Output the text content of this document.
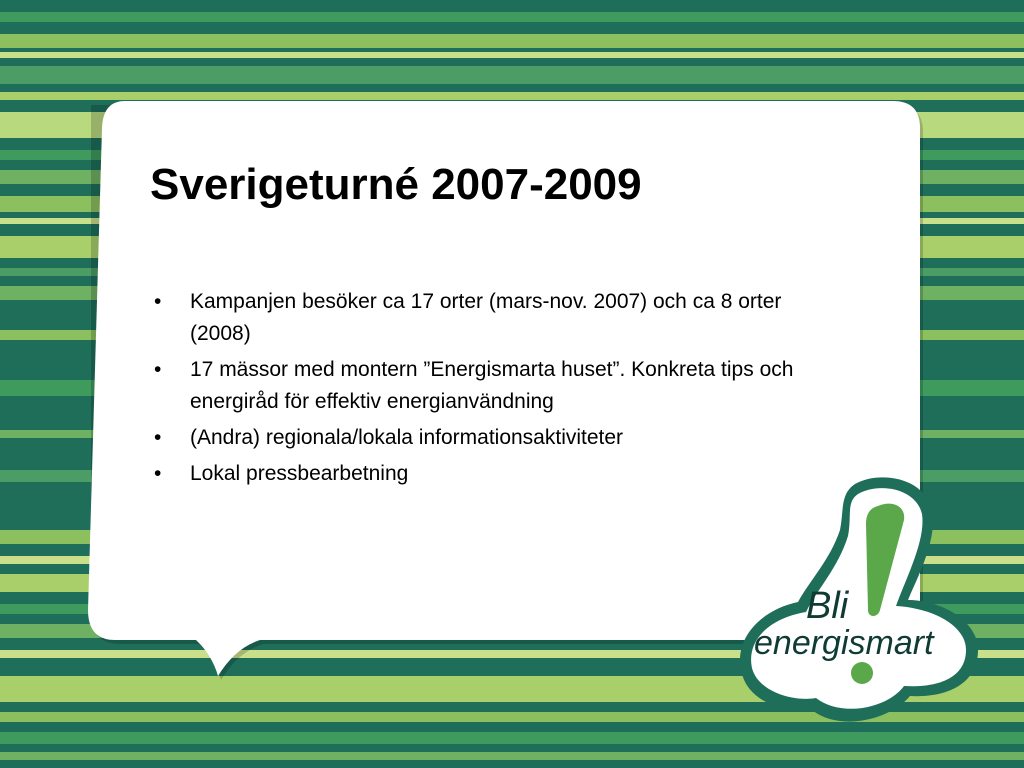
Sverigeturné 2007-2009
• Kampanjen besöker ca 17 orter (mars-nov. 2007) och ca 8 orter (2008)
• 17 mässor med montern ”Energismarta huset”. Konkreta tips och energiråd för effektiv energianvändning
• (Andra) regionala/lokala informationsaktiviteter
• Lokal pressbearbetning
Bli
energismart
